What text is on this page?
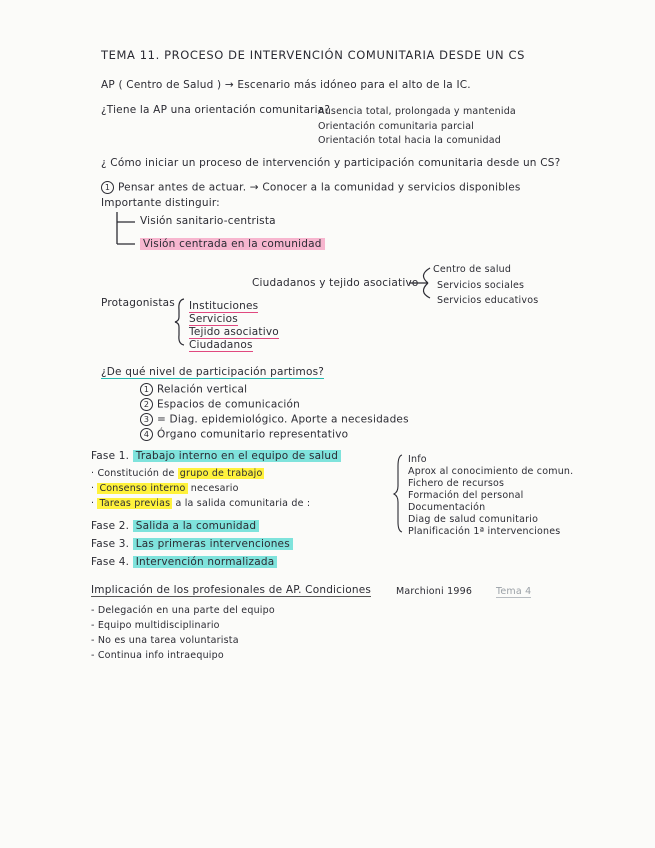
TEMA 11. PROCESO DE INTERVENCIÓN COMUNITARIA DESDE UN CS
AP ( Centro de Salud ) → Escenario más idóneo para el alto de la IC.
¿Tiene la AP una orientación comunitaria?
Ausencia total, prolongada y mantenida
Orientación comunitaria parcial
Orientación total hacia la comunidad
¿ Cómo iniciar un proceso de intervención y participación comunitaria desde un CS?
1 Pensar antes de actuar. → Conocer a la comunidad y servicios disponibles
Importante distinguir:
Visión sanitario-centrista
Visión centrada en la comunidad
Ciudadanos y tejido asociativo
Centro de salud
Servicios sociales
Servicios educativos
Protagonistas Instituciones
Servicios
Tejido asociativo
Ciudadanos
¿De qué nivel de participación partimos?
1 Relación vertical
2 Espacios de comunicación
3 = Diag. epidemiológico. Aporte a necesidades
4 Órgano comunitario representativo
Fase 1. Trabajo interno en el equipo de salud
· Constitución de grupo de trabajo
· Consenso interno necesario
· Tareas previas a la salida comunitaria de :
Info
Aprox al conocimiento de comun.
Fichero de recursos
Formación del personal
Documentación
Diag de salud comunitario
Planificación 1ª intervenciones
Fase 2. Salida a la comunidad
Fase 3. Las primeras intervenciones
Fase 4. Intervención normalizada
Implicación de los profesionales de AP. Condiciones	Marchioni 1996	Tema 4
- Delegación en una parte del equipo
- Equipo multidisciplinario
- No es una tarea voluntarista
- Continua info intraequipo
